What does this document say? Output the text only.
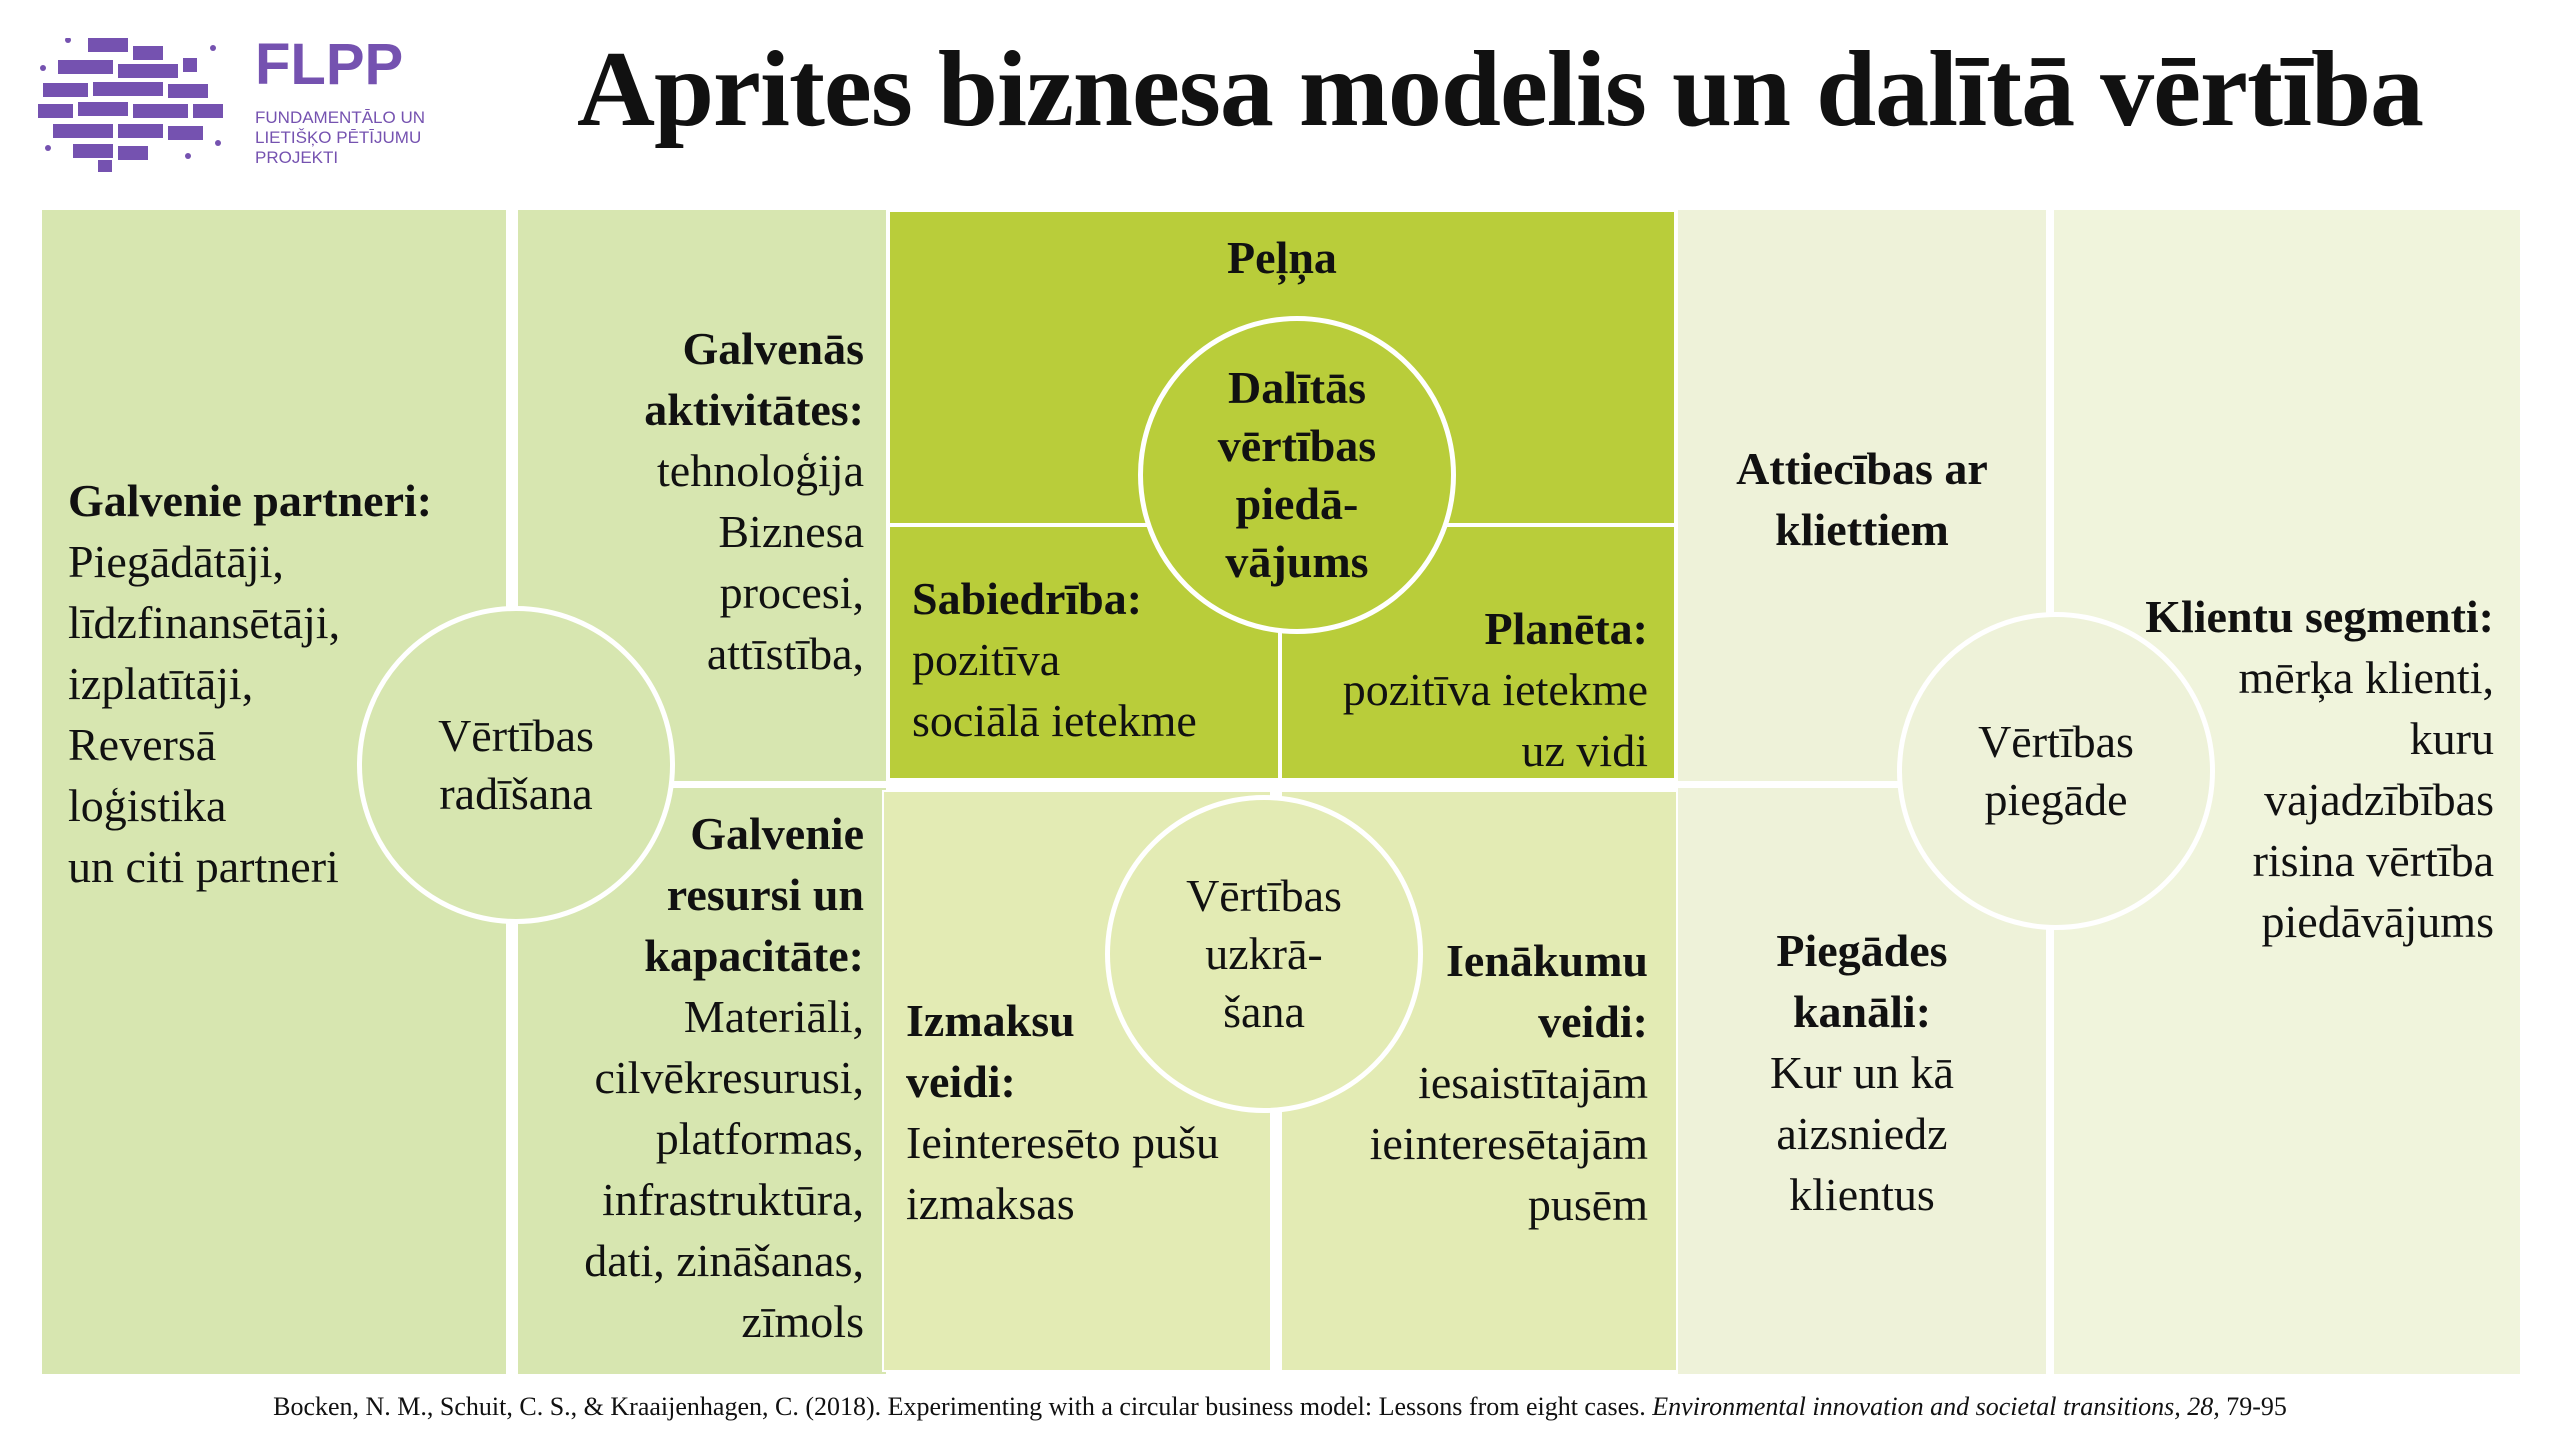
FLPP
FUNDAMENTĀLO UN
LIETIŠĶO PĒTĪJUMU
PROJEKTI
Aprites biznesa modelis un dalītā vērtība
Galvenie partneri:
Piegādātāji,
līdzfinansētāji,
izplatītāji,
Reversā
loģistika
un citi partneri
Galvenās
aktivitātes:
tehnoloģija
Biznesa
procesi,
attīstība,
Galvenie
resursi un
kapacitāte:
Materiāli,
cilvēkresurusi,
platformas,
infrastruktūra,
dati, zināšanas,
zīmols
Peļņa
Sabiedrība:
pozitīva
sociālā ietekme
Planēta:
pozitīva ietekme
uz vidi
Izmaksu
veidi:
Ieinteresēto pušu
izmaksas
Ienākumu
veidi:
iesaistītajām
ieinteresētajām
pusēm
Attiecības ar
kliettiem
Piegādes
kanāli:
Kur un kā
aizsniedz
klientus
Klientu segmenti:
mērķa klienti,
kuru
vajadzībības
risina vērtība
piedāvājums
Vērtības
radīšana
Dalītās
vērtības
piedā-
vājums
Vērtības
uzkrā-
šana
Vērtības
piegāde
Bocken, N. M., Schuit, C. S., & Kraaijenhagen, C. (2018). Experimenting with a circular business model: Lessons from eight cases. Environmental innovation and societal transitions, 28, 79-95
